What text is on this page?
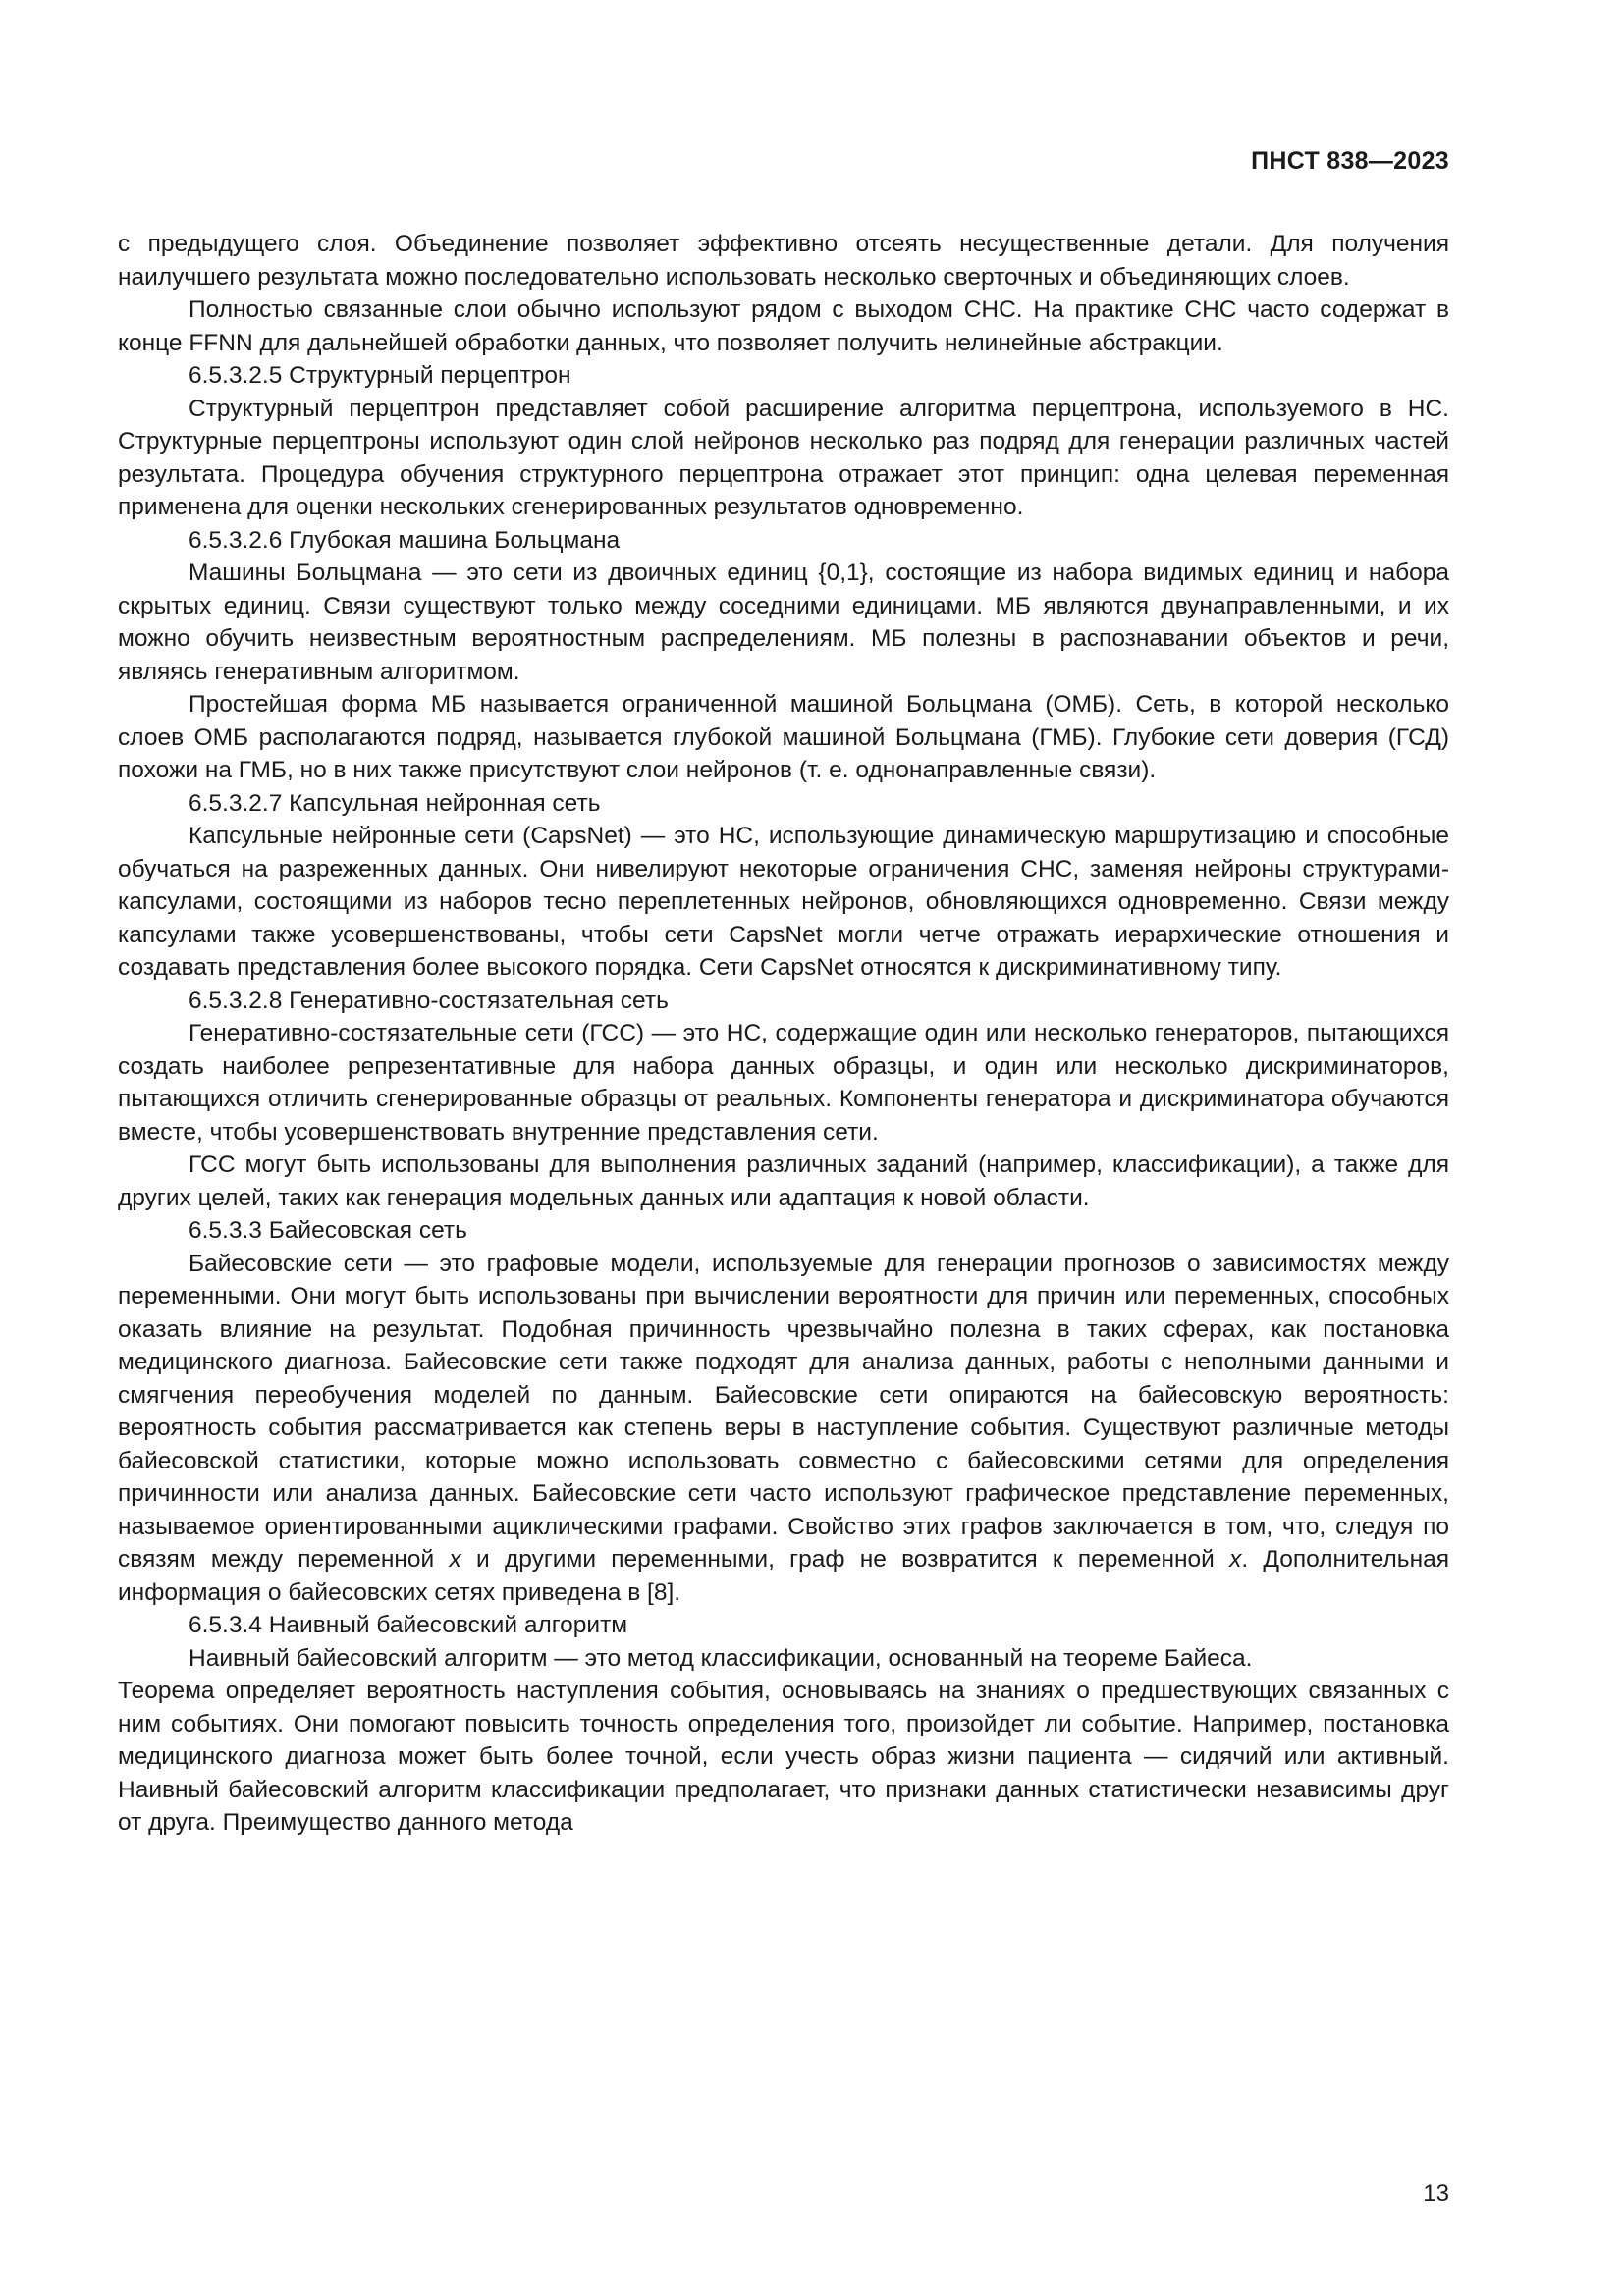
ПНСТ 838—2023

с предыдущего слоя. Объединение позволяет эффективно отсеять несущественные детали. Для получения наилучшего результата можно последовательно использовать несколько сверточных и объединяющих слоев.

Полностью связанные слои обычно используют рядом с выходом СНС. На практике СНС часто содержат в конце FFNN для дальнейшей обработки данных, что позволяет получить нелинейные абстракции.

6.5.3.2.5 Структурный перцептрон

Структурный перцептрон представляет собой расширение алгоритма перцептрона, используемого в НС. Структурные перцептроны используют один слой нейронов несколько раз подряд для генерации различных частей результата. Процедура обучения структурного перцептрона отражает этот принцип: одна целевая переменная применена для оценки нескольких сгенерированных результатов одновременно.

6.5.3.2.6 Глубокая машина Больцмана

Машины Больцмана — это сети из двоичных единиц {0,1}, состоящие из набора видимых единиц и набора скрытых единиц. Связи существуют только между соседними единицами. МБ являются двунаправленными, и их можно обучить неизвестным вероятностным распределениям. МБ полезны в распознавании объектов и речи, являясь генеративным алгоритмом.

Простейшая форма МБ называется ограниченной машиной Больцмана (ОМБ). Сеть, в которой несколько слоев ОМБ располагаются подряд, называется глубокой машиной Больцмана (ГМБ). Глубокие сети доверия (ГСД) похожи на ГМБ, но в них также присутствуют слои нейронов (т. е. однонаправленные связи).

6.5.3.2.7 Капсульная нейронная сеть

Капсульные нейронные сети (CapsNet) — это НС, использующие динамическую маршрутизацию и способные обучаться на разреженных данных. Они нивелируют некоторые ограничения СНС, заменяя нейроны структурами-капсулами, состоящими из наборов тесно переплетенных нейронов, обновляющихся одновременно. Связи между капсулами также усовершенствованы, чтобы сети CapsNet могли четче отражать иерархические отношения и создавать представления более высокого порядка. Сети CapsNet относятся к дискриминативному типу.

6.5.3.2.8 Генеративно-состязательная сеть

Генеративно-состязательные сети (ГСС) — это НС, содержащие один или несколько генераторов, пытающихся создать наиболее репрезентативные для набора данных образцы, и один или несколько дискриминаторов, пытающихся отличить сгенерированные образцы от реальных. Компоненты генератора и дискриминатора обучаются вместе, чтобы усовершенствовать внутренние представления сети.

ГСС могут быть использованы для выполнения различных заданий (например, классификации), а также для других целей, таких как генерация модельных данных или адаптация к новой области.

6.5.3.3 Байесовская сеть

Байесовские сети — это графовые модели, используемые для генерации прогнозов о зависимостях между переменными. Они могут быть использованы при вычислении вероятности для причин или переменных, способных оказать влияние на результат. Подобная причинность чрезвычайно полезна в таких сферах, как постановка медицинского диагноза. Байесовские сети также подходят для анализа данных, работы с неполными данными и смягчения переобучения моделей по данным. Байесовские сети опираются на байесовскую вероятность: вероятность события рассматривается как степень веры в наступление события. Существуют различные методы байесовской статистики, которые можно использовать совместно с байесовскими сетями для определения причинности или анализа данных. Байесовские сети часто используют графическое представление переменных, называемое ориентированными ациклическими графами. Свойство этих графов заключается в том, что, следуя по связям между переменной x и другими переменными, граф не возвратится к переменной x. Дополнительная информация о байесовских сетях приведена в [8].

6.5.3.4 Наивный байесовский алгоритм

Наивный байесовский алгоритм — это метод классификации, основанный на теореме Байеса.

Теорема определяет вероятность наступления события, основываясь на знаниях о предшествующих связанных с ним событиях. Они помогают повысить точность определения того, произойдет ли событие. Например, постановка медицинского диагноза может быть более точной, если учесть образ жизни пациента — сидячий или активный. Наивный байесовский алгоритм классификации предполагает, что признаки данных статистически независимы друг от друга. Преимущество данного метода

13
